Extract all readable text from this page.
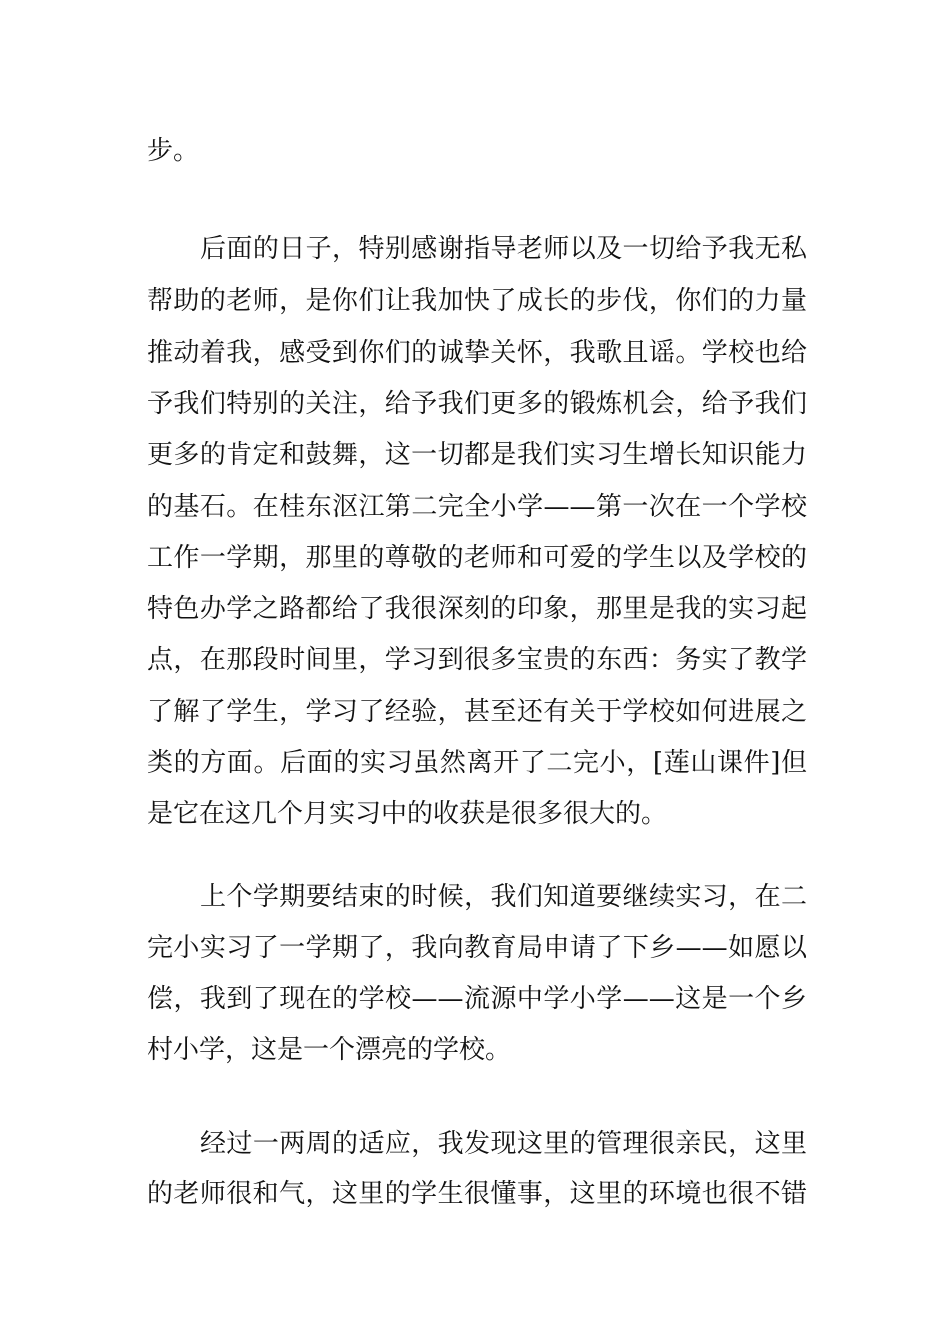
步。
后面的日子，特别感谢指导老师以及一切给予我无私
帮助的老师，是你们让我加快了成长的步伐，你们的力量
推动着我，感受到你们的诚挚关怀，我歌且谣。学校也给
予我们特别的关注，给予我们更多的锻炼机会，给予我们
更多的肯定和鼓舞，这一切都是我们实习生增长知识能力
的基石。在桂东沤江第二完全小学——第一次在一个学校
工作一学期，那里的尊敬的老师和可爱的学生以及学校的
特色办学之路都给了我很深刻的印象，那里是我的实习起
点，在那段时间里，学习到很多宝贵的东西：务实了教学
了解了学生，学习了经验，甚至还有关于学校如何进展之
类的方面。后面的实习虽然离开了二完小，[莲山课件]但
是它在这几个月实习中的收获是很多很大的。
上个学期要结束的时候，我们知道要继续实习，在二
完小实习了一学期了，我向教育局申请了下乡——如愿以
偿，我到了现在的学校——流源中学小学——这是一个乡
村小学，这是一个漂亮的学校。
经过一两周的适应，我发现这里的管理很亲民，这里
的老师很和气，这里的学生很懂事，这里的环境也很不错
